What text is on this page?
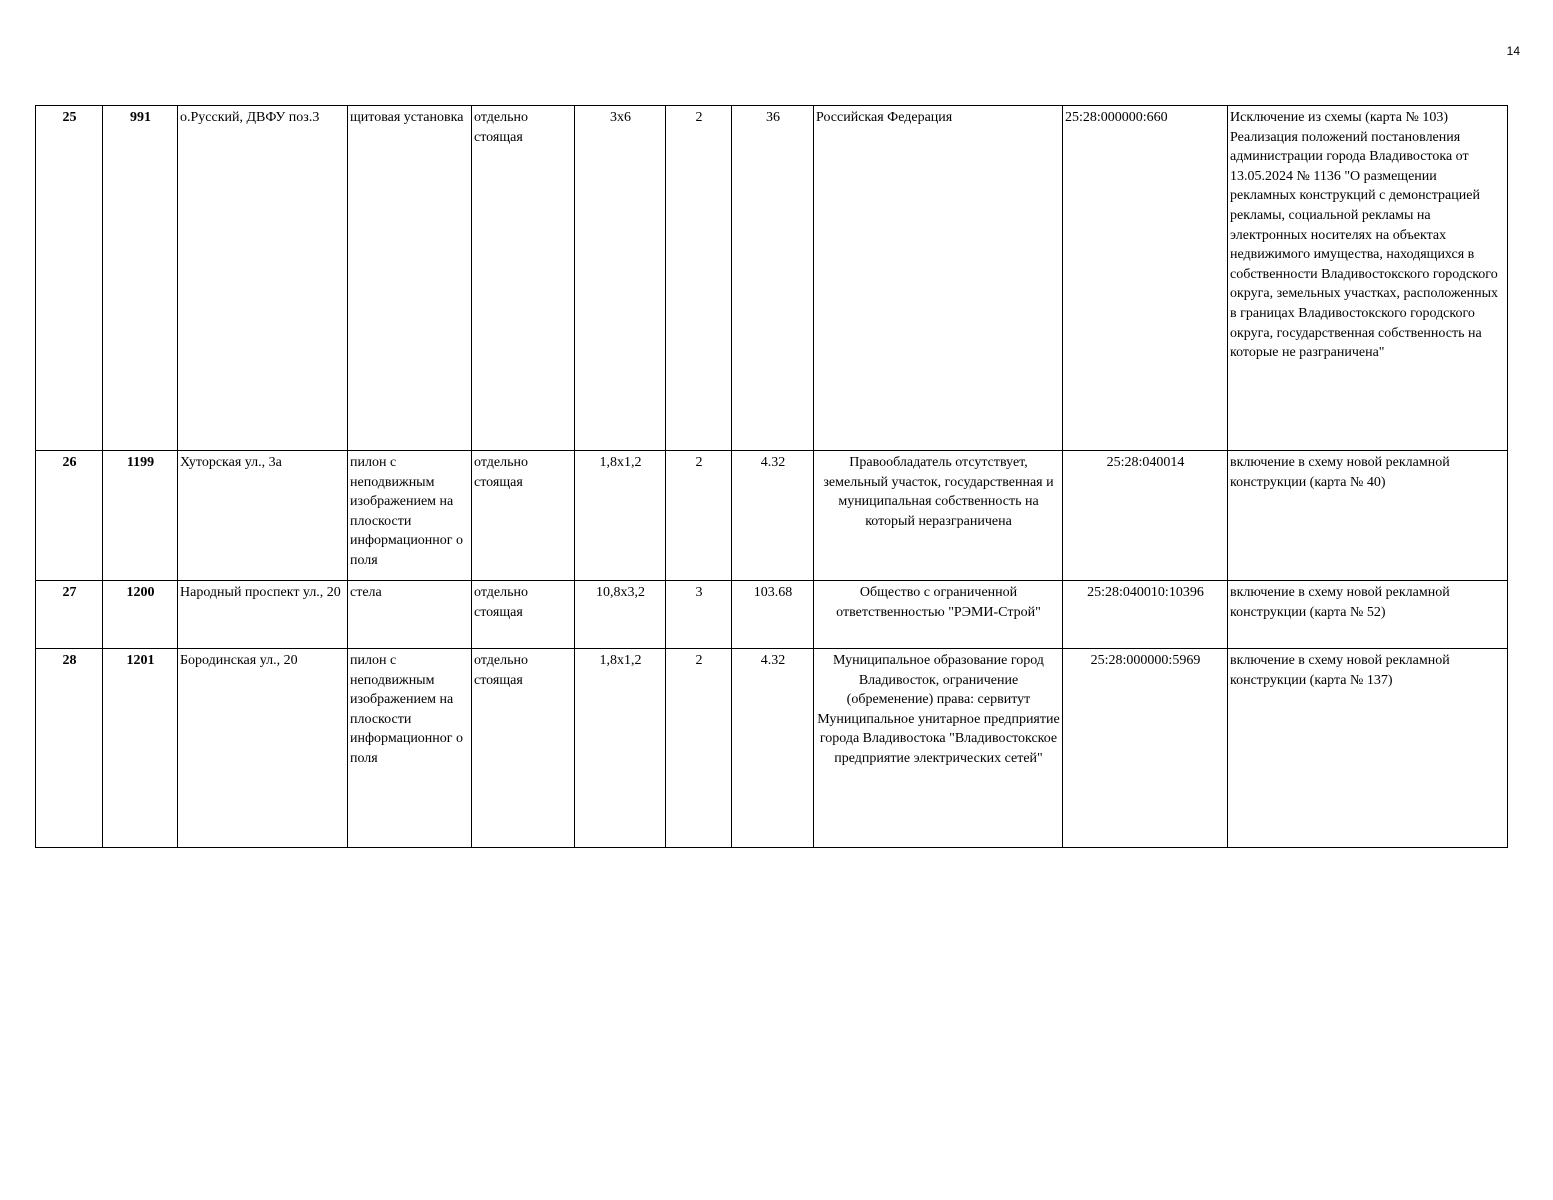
14
25	991	о.Русский, ДВФУ поз.3	щитовая установка	отдельно стоящая	3х6	2	36	Российская Федерация	25:28:000000:660	Исключение из схемы (карта № 103) Реализация положений постановления администрации города Владивостока от 13.05.2024 № 1136 "О размещении рекламных конструкций с демонстрацией рекламы, социальной рекламы на электронных носителях на объектах недвижимого имущества, находящихся в собственности Владивостокского городского округа, земельных участках, расположенных в границах Владивостокского городского округа, государственная собственность на которые не разграничена"
26	1199	Хуторская ул., 3а	пилон с неподвижным изображением на плоскости информационног о поля	отдельно стоящая	1,8х1,2	2	4.32	Правообладатель отсутствует, земельный участок, государственная и муниципальная собственность на который неразграничена	25:28:040014	включение в схему новой рекламной конструкции (карта № 40)
27	1200	Народный проспект ул., 20	стела	отдельно стоящая	10,8х3,2	3	103.68	Общество с ограниченной ответственностью "РЭМИ-Строй"	25:28:040010:10396	включение в схему новой рекламной конструкции (карта № 52)
28	1201	Бородинская ул., 20	пилон с неподвижным изображением на плоскости информационног о поля	отдельно стоящая	1,8х1,2	2	4.32	Муниципальное образование город Владивосток, ограничение (обременение) права: сервитут Муниципальное унитарное предприятие города Владивостока "Владивостокское предприятие электрических сетей"	25:28:000000:5969	включение в схему новой рекламной конструкции (карта № 137)
